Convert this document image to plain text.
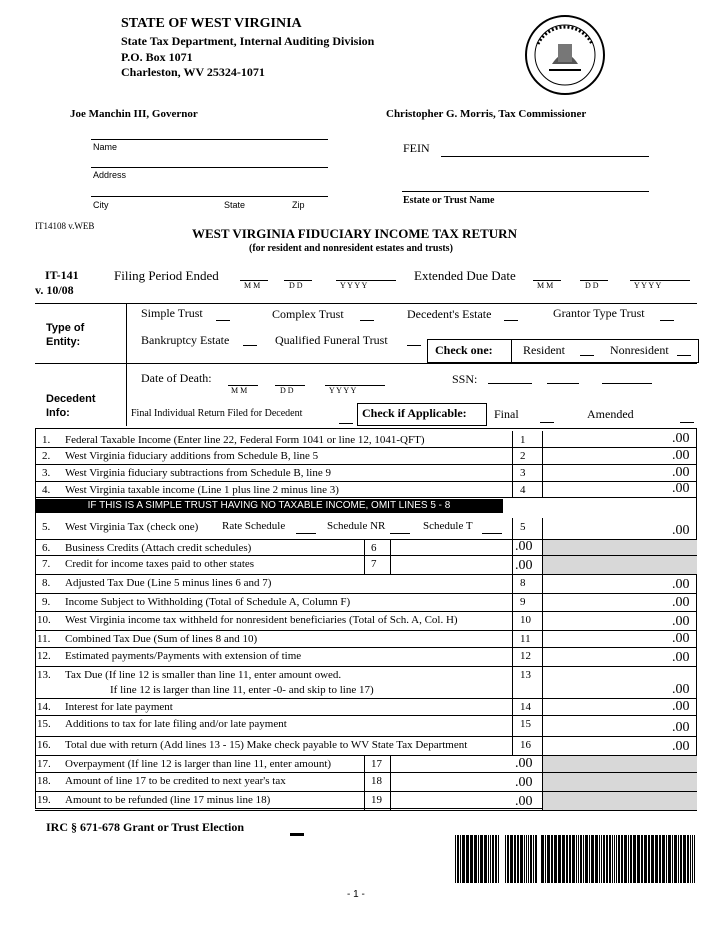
STATE OF WEST VIRGINIA
State Tax Department, Internal Auditing Division
P.O. Box 1071
Charleston, WV 25324-1071
Joe Manchin III, Governor	Christopher G. Morris, Tax Commissioner
Name
Address
City	State	Zip
FEIN
Estate or Trust Name
IT14108 v.WEB	WEST VIRGINIA FIDUCIARY INCOME TAX RETURN
(for resident and nonresident estates and trusts)
IT-141
v. 10/08
Filing Period Ended
M M	D D	Y Y Y Y
Extended Due Date
M M	D D	Y Y Y Y
Type of Entity:
Simple Trust	Complex Trust	Decedent's Estate	Grantor Type Trust
Bankruptcy Estate	Qualified Funeral Trust
Check one:	Resident	Nonresident
Decedent Info:
Date of Death:
M M	D D	Y Y Y Y
SSN:
Final Individual Return Filed for Decedent	Check if Applicable: Final	Amended
IF THIS IS A SIMPLE TRUST HAVING NO TAXABLE INCOME, OMIT LINES 5 - 8
1. Federal Taxable Income (Enter line 22, Federal Form 1041 or line 12, 1041-QFT)	1	.00
2. West Virginia fiduciary additions from Schedule B, line 5	2	.00
3. West Virginia fiduciary subtractions from Schedule B, line 9	3	.00
4. West Virginia taxable income (Line 1 plus line 2 minus line 3)	4	.00
5. West Virginia Tax (check one)	5	.00
Rate Schedule	Schedule NR	Schedule T
6. Business Credits (Attach credit schedules)	6	.00
7. Credit for income taxes paid to other states	7	.00
8. Adjusted Tax Due (Line 5 minus lines 6 and 7)	8	.00
9. Income Subject to Withholding (Total of Schedule A, Column F)	9	.00
10. West Virginia income tax withheld for nonresident beneficiaries (Total of Sch. A, Col. H)	10	.00
11. Combined Tax Due (Sum of lines 8 and 10)	11	.00
12. Estimated payments/Payments with extension of time	12	.00
13. Tax Due (If line 12 is smaller than line 11, enter amount owed.
If line 12 is larger than line 11, enter -0- and skip to line 17)
13
.00
14. Interest for late payment	14	.00
15. Additions to tax for late filing and/or late payment	15	.00
16. Total due with return (Add lines 13 - 15) Make check payable to WV State Tax Department	16	.00
17. Overpayment (If line 12 is larger than line 11, enter amount)	17	.00
18. Amount of line 17 to be credited to next year's tax	18	.00
19. Amount to be refunded (line 17 minus line 18)	19	.00
IRC § 671-678 Grant or Trust Election
- 1 -
